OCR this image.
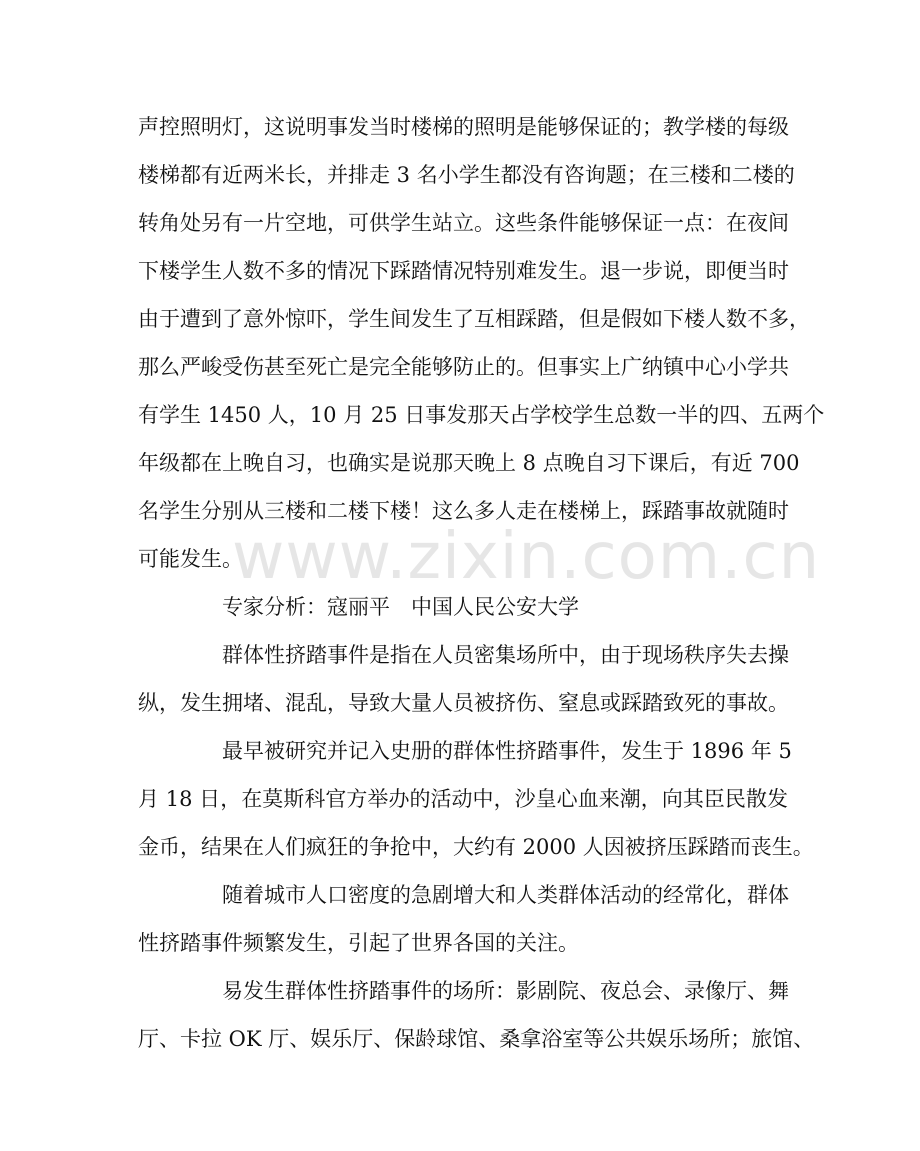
www.zixin.com.cn
声控照明灯，这说明事发当时楼梯的照明是能够保证的；教学楼的每级
楼梯都有近两米长，并排走 3 名小学生都没有咨询题；在三楼和二楼的
转角处另有一片空地，可供学生站立。这些条件能够保证一点：在夜间
下楼学生人数不多的情况下踩踏情况特别难发生。退一步说，即便当时
由于遭到了意外惊吓，学生间发生了互相踩踏，但是假如下楼人数不多，
那么严峻受伤甚至死亡是完全能够防止的。但事实上广纳镇中心小学共
有学生 1450 人，10 月 25 日事发那天占学校学生总数一半的四、五两个
年级都在上晚自习，也确实是说那天晚上 8 点晚自习下课后，有近 700
名学生分别从三楼和二楼下楼！这么多人走在楼梯上，踩踏事故就随时
可能发生。
专家分析：寇丽平　中国人民公安大学
群体性挤踏事件是指在人员密集场所中，由于现场秩序失去操
纵，发生拥堵、混乱，导致大量人员被挤伤、窒息或踩踏致死的事故。
最早被研究并记入史册的群体性挤踏事件，发生于 1896 年 5
月 18 日，在莫斯科官方举办的活动中，沙皇心血来潮，向其臣民散发
金币，结果在人们疯狂的争抢中，大约有 2000 人因被挤压踩踏而丧生。
随着城市人口密度的急剧增大和人类群体活动的经常化，群体
性挤踏事件频繁发生，引起了世界各国的关注。
易发生群体性挤踏事件的场所：影剧院、夜总会、录像厅、舞
厅、卡拉 OK 厅、娱乐厅、保龄球馆、桑拿浴室等公共娱乐场所；旅馆、
